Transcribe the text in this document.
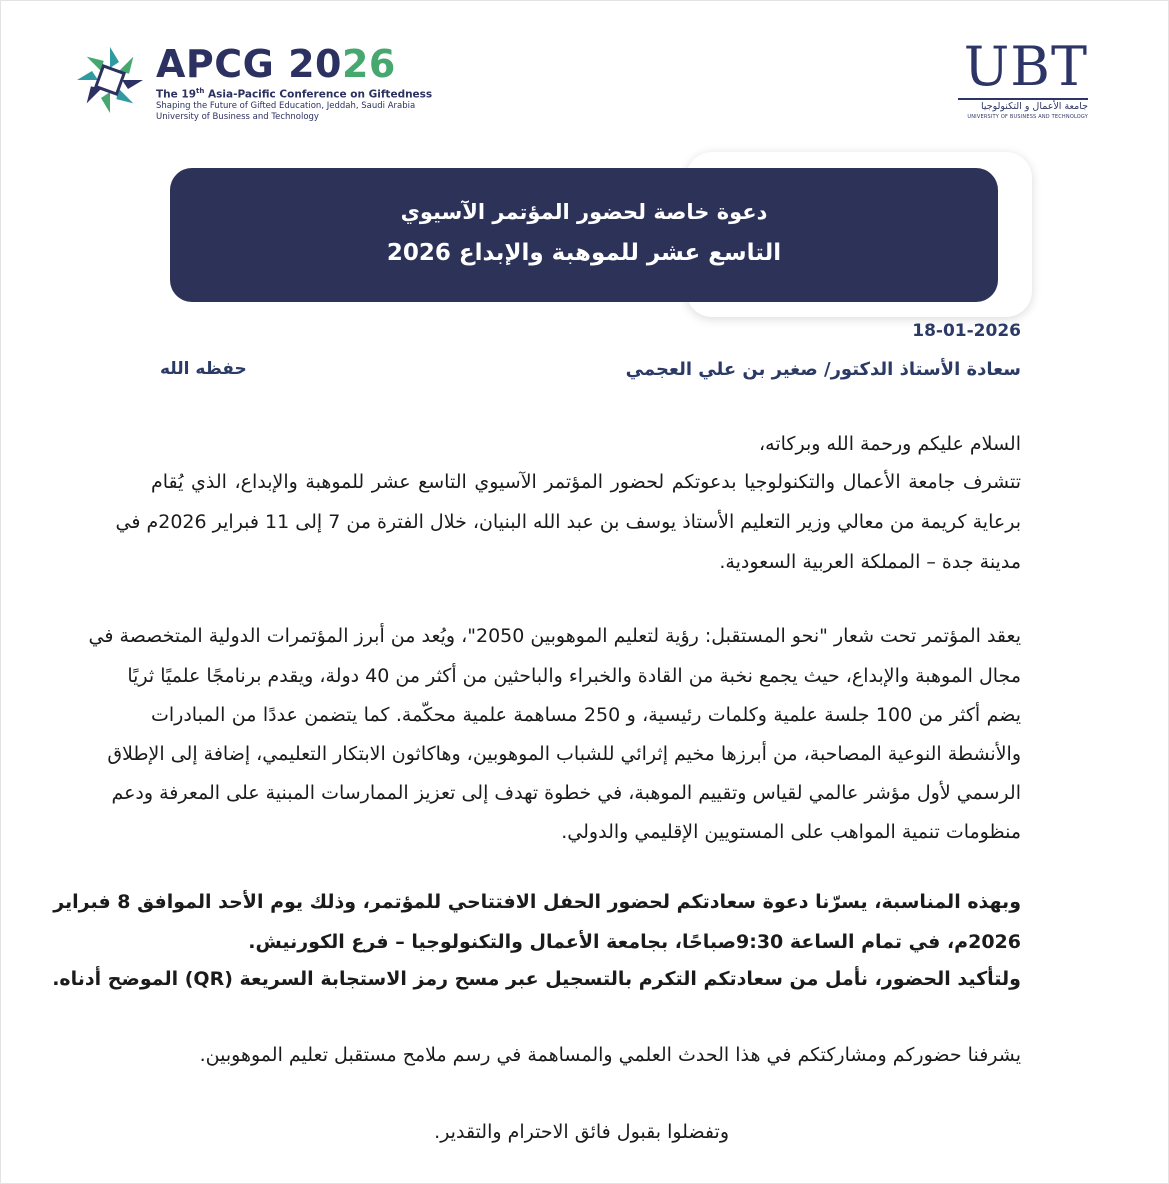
APCG 2026
The 19th Asia-Pacific Conference on Giftedness
Shaping the Future of Gifted Education, Jeddah, Saudi Arabia
University of Business and Technology
UBT
جامعة الأعمال و التكنولوجيا
UNIVERSITY OF BUSINESS AND TECHNOLOGY
دعوة خاصة لحضور المؤتمر الآسيوي
التاسع عشر للموهبة والإبداع 2026
18-01-2026
سعادة الأستاذ الدكتور/ صغير بن علي العجمي
حفظه الله
السلام عليكم ورحمة الله وبركاته،
تتشرف جامعة الأعمال والتكنولوجيا بدعوتكم لحضور المؤتمر الآسيوي التاسع عشر للموهبة والإبداع، الذي يُقام
برعاية كريمة من معالي وزير التعليم الأستاذ يوسف بن عبد الله البنيان، خلال الفترة من 7 إلى 11 فبراير 2026م في
مدينة جدة – المملكة العربية السعودية.
يعقد المؤتمر تحت شعار "نحو المستقبل: رؤية لتعليم الموهوبين 2050"، ويُعد من أبرز المؤتمرات الدولية المتخصصة في
مجال الموهبة والإبداع، حيث يجمع نخبة من القادة والخبراء والباحثين من أكثر من 40 دولة، ويقدم برنامجًا علميًا ثريًا
يضم أكثر من 100 جلسة علمية وكلمات رئيسية، و 250 مساهمة علمية محكّمة. كما يتضمن عددًا من المبادرات
والأنشطة النوعية المصاحبة، من أبرزها مخيم إثرائي للشباب الموهوبين، وهاكاثون الابتكار التعليمي، إضافة إلى الإطلاق
الرسمي لأول مؤشر عالمي لقياس وتقييم الموهبة، في خطوة تهدف إلى تعزيز الممارسات المبنية على المعرفة ودعم
منظومات تنمية المواهب على المستويين الإقليمي والدولي.
وبهذه المناسبة، يسرّنا دعوة سعادتكم لحضور الحفل الافتتاحي للمؤتمر، وذلك يوم الأحد الموافق 8 فبراير
2026م، في تمام الساعة 9:30صباحًا، بجامعة الأعمال والتكنولوجيا – فرع الكورنيش.
ولتأكيد الحضور، نأمل من سعادتكم التكرم بالتسجيل عبر مسح رمز الاستجابة السريعة (QR) الموضح أدناه.
يشرفنا حضوركم ومشاركتكم في هذا الحدث العلمي والمساهمة في رسم ملامح مستقبل تعليم الموهوبين.
وتفضلوا بقبول فائق الاحترام والتقدير.
